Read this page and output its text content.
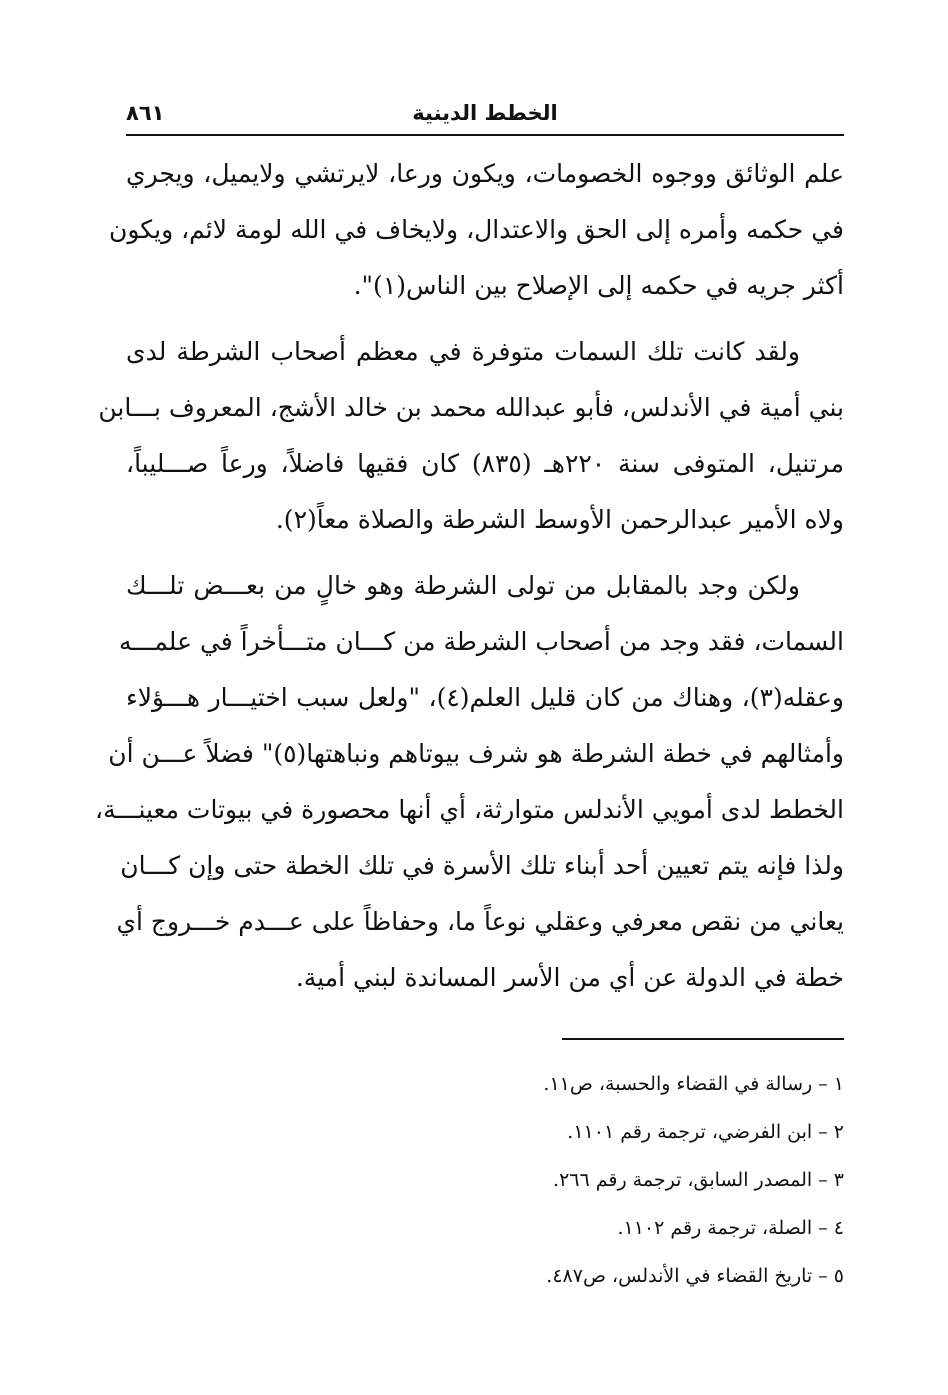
الخطط الدينية
٨٦١
علم الوثائق ووجوه الخصومات، ويكون ورعا، لايرتشي ولايميل، ويجري
في حكمه وأمره إلى الحق والاعتدال، ولايخاف في الله لومة لائم، ويكون
أكثر جريه في حكمه إلى الإصلاح بين الناس(١)".
ولقد كانت تلك السمات متوفرة في معظم أصحاب الشرطة لدى
بني أمية في الأندلس، فأبو عبدالله محمد بن خالد الأشج، المعروف بـــابن
مرتنيل، المتوفى سنة ٢٢٠هـ (٨٣٥) كان فقيها فاضلاً، ورعاً صـــليباً،
ولاه الأمير عبدالرحمن الأوسط الشرطة والصلاة معاً(٢).
ولكن وجد بالمقابل من تولى الشرطة وهو خالٍ من بعـــض تلـــك
السمات، فقد وجد من أصحاب الشرطة من كـــان متـــأخراً في علمـــه
وعقله(٣)، وهناك من كان قليل العلم(٤)، "ولعل سبب اختيـــار هـــؤلاء
وأمثالهم في خطة الشرطة هو شرف بيوتاهم ونباهتها(٥)" فضلاً عـــن أن
الخطط لدى أمويي الأندلس متوارثة، أي أنها محصورة في بيوتات معينـــة،
ولذا فإنه يتم تعيين أحد أبناء تلك الأسرة في تلك الخطة حتى وإن كـــان
يعاني من نقص معرفي وعقلي نوعاً ما، وحفاظاً على عـــدم خـــروج أي
خطة في الدولة عن أي من الأسر المساندة لبني أمية.
١ – رسالة في القضاء والحسبة، ص١١.
٢ – ابن الفرضي، ترجمة رقم ١١٠١.
٣ – المصدر السابق، ترجمة رقم ٢٦٦.
٤ – الصلة، ترجمة رقم ١١٠٢.
٥ – تاريخ القضاء في الأندلس، ص٤٨٧.
